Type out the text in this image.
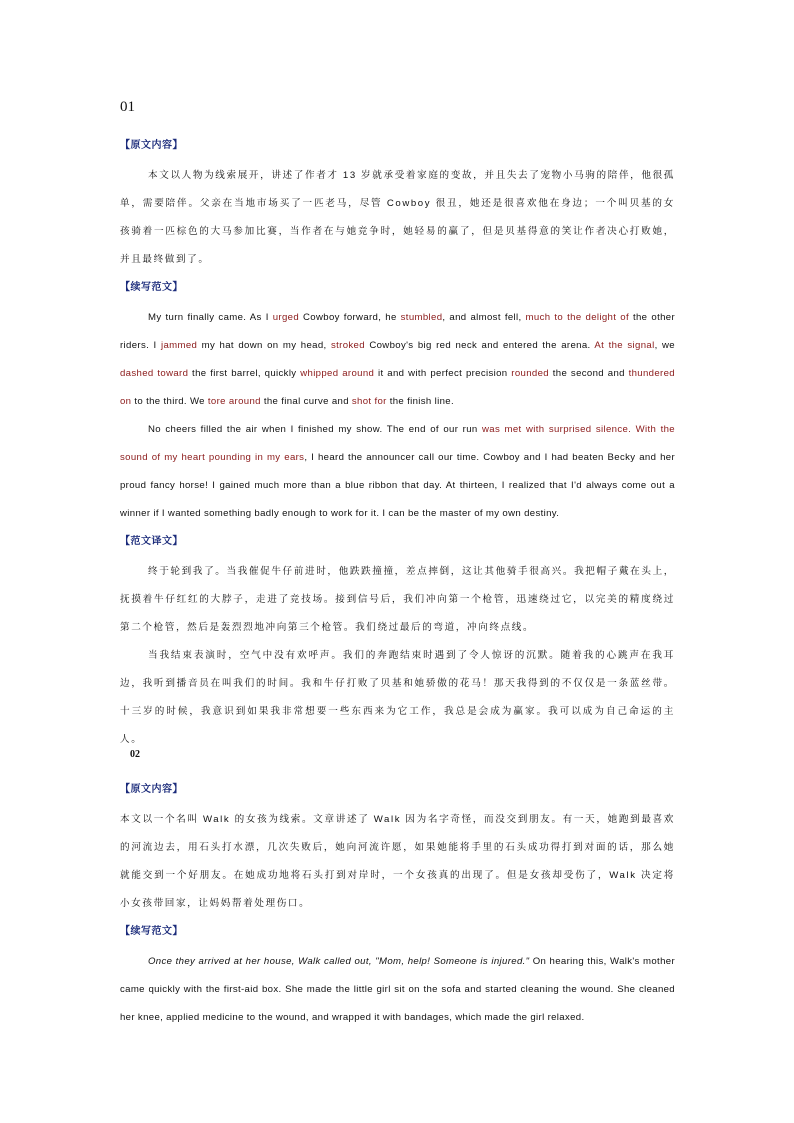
01

【原文内容】

本文以人物为线索展开，讲述了作者才 13 岁就承受着家庭的变故，并且失去了宠物小马驹的陪伴，他很孤单，需要陪伴。父亲在当地市场买了一匹老马，尽管 Cowboy 很丑，她还是很喜欢他在身边；一个叫贝基的女孩骑着一匹棕色的大马参加比赛，当作者在与她竞争时，她轻易的赢了，但是贝基得意的笑让作者决心打败她，并且最终做到了。

【续写范文】

My turn finally came. As I urged Cowboy forward, he stumbled, and almost fell, much to the delight of the other riders. I jammed my hat down on my head, stroked Cowboy's big red neck and entered the arena. At the signal, we dashed toward the first barrel, quickly whipped around it and with perfect precision rounded the second and thundered on to the third. We tore around the final curve and shot for the finish line.

No cheers filled the air when I finished my show. The end of our run was met with surprised silence. With the sound of my heart pounding in my ears, I heard the announcer call our time. Cowboy and I had beaten Becky and her proud fancy horse! I gained much more than a blue ribbon that day. At thirteen, I realized that I'd always come out a winner if I wanted something badly enough to work for it. I can be the master of my own destiny.

【范文译文】

终于轮到我了。当我催促牛仔前进时，他跌跌撞撞，差点摔倒，这让其他骑手很高兴。我把帽子戴在头上，抚摸着牛仔红红的大脖子，走进了竞技场。接到信号后，我们冲向第一个枪管，迅速绕过它，以完美的精度绕过第二个枪管，然后是轰烈烈地冲向第三个枪管。我们绕过最后的弯道，冲向终点线。

当我结束表演时，空气中没有欢呼声。我们的奔跑结束时遇到了令人惊讶的沉默。随着我的心跳声在我耳边，我听到播音员在叫我们的时间。我和牛仔打败了贝基和她骄傲的花马！那天我得到的不仅仅是一条蓝丝带。十三岁的时候，我意识到如果我非常想要一些东西来为它工作，我总是会成为赢家。我可以成为自己命运的主人。

02

【原文内容】

本文以一个名叫 Walk 的女孩为线索。文章讲述了 Walk 因为名字奇怪，而没交到朋友。有一天，她跑到最喜欢的河流边去，用石头打水漂，几次失败后，她向河流许愿，如果她能将手里的石头成功得打到对面的话，那么她就能交到一个好朋友。在她成功地将石头打到对岸时，一个女孩真的出现了。但是女孩却受伤了，Walk 决定将小女孩带回家，让妈妈帮着处理伤口。

【续写范文】

Once they arrived at her house, Walk called out, "Mom, help! Someone is injured." On hearing this, Walk's mother came quickly with the first-aid box. She made the little girl sit on the sofa and started cleaning the wound. She cleaned her knee, applied medicine to the wound, and wrapped it with bandages, which made the girl relaxed.
